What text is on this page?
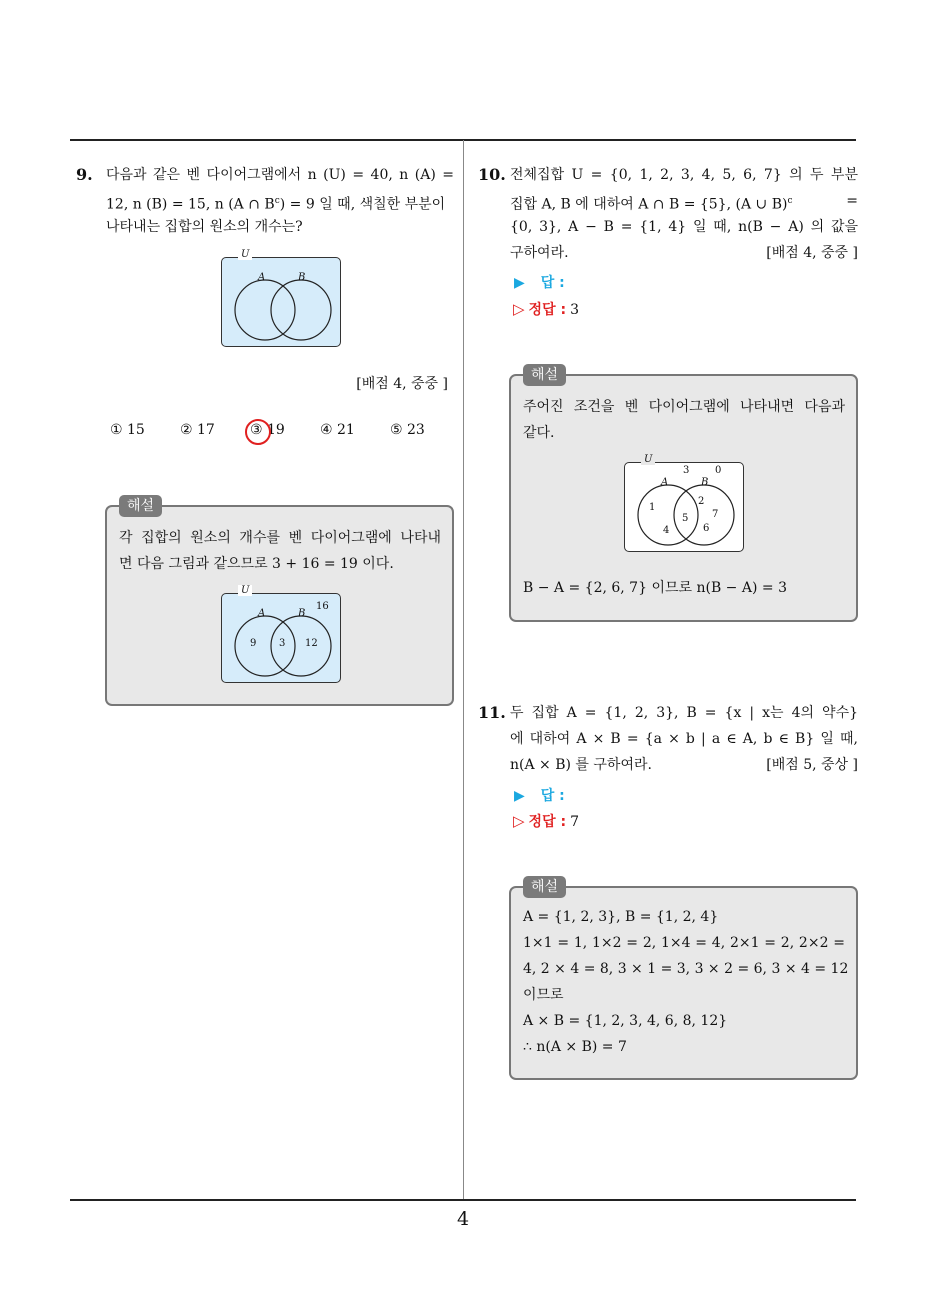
9. 다음과 같은 벤 다이어그램에서 n (U) = 40, n (A) =
12, n (B) = 15, n (A ∩ $B^c) = 9$ 일 때, 색칠한 부분이
나타내는 집합의 원소의 개수는?
U
A	B
[배점 4, 중중 ]
① 15	② 17	③ 19	④ 21	⑤ 23
해설
각 집합의 원소의 개수를 벤 다이어그램에 나타내
면 다음 그림과 같으므로 3 + 16 = 19 이다.
U
A	B
16
9 3 12
10. 전체집합 U = {0, 1, 2, 3, 4, 5, 6, 7} 의 두 부분
집합 A, B 에 대하여 A ∩ B = {5}, (A ∪ B)$^c$	=
{0, 3}, A − B = {1, 4} 일 때, n(B − A) 의 값을
구하여라.	[배점 4, 중중 ]
▶ 답 :
▷ 정답 : 3
해설
주어진 조건을 벤 다이어그램에 나타내면 다음과
같다.
U
A	B
3	0
1
4
5
2
7
6
B − A = {2, 6, 7} 이므로 n(B − A) = 3
11. 두 집합 A = {1, 2, 3}, B = {x | x는 4의 약수}
에 대하여 A × B = {a × b | a ∈ A, b ∈ B} 일 때,
n(A × B) 를 구하여라.	[배점 5, 중상 ]
▶ 답 :
▷ 정답 : 7
해설
A = {1, 2, 3}, B = {1, 2, 4}
1×1 = 1, 1×2 = 2, 1×4 = 4, 2×1 = 2, 2×2 =
4, 2 × 4 = 8, 3 × 1 = 3, 3 × 2 = 6, 3 × 4 = 12
이므로
A × B = {1, 2, 3, 4, 6, 8, 12}
∴ n(A × B) = 7
4
